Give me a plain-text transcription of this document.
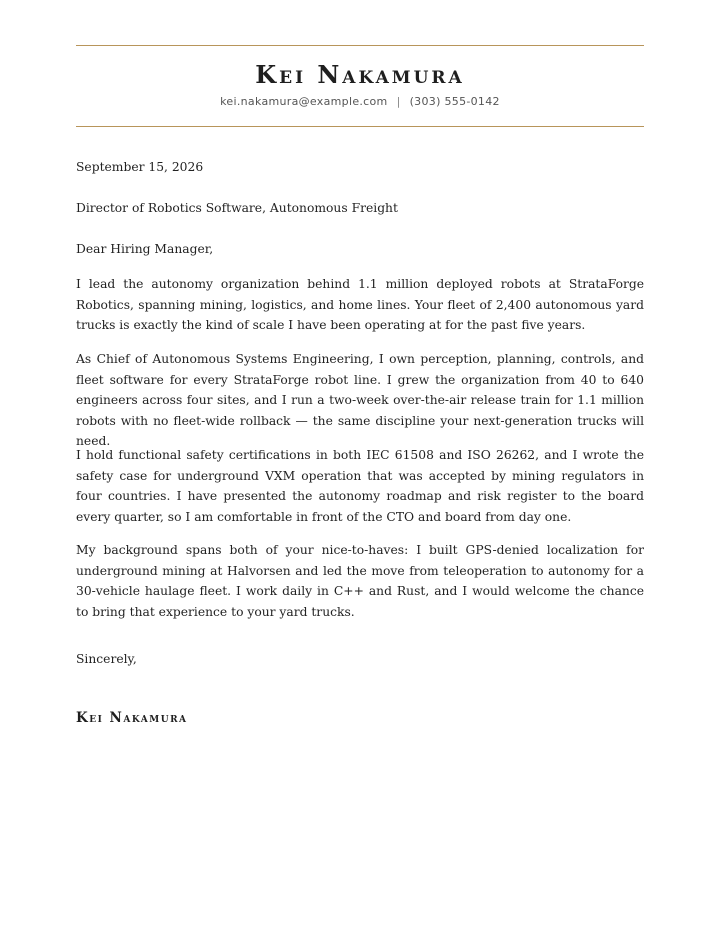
Kei Nakamura
kei.nakamura@example.com | (303) 555-0142
September 15, 2026
Director of Robotics Software, Autonomous Freight
Dear Hiring Manager,

I lead the autonomy organization behind 1.1 million deployed robots at StrataForge Robotics, spanning mining, logistics, and home lines. Your fleet of 2,400 autonomous yard trucks is exactly the kind of scale I have been operating at for the past five years.

As Chief of Autonomous Systems Engineering, I own perception, planning, controls, and fleet software for every StrataForge robot line. I grew the organization from 40 to 640 engineers across four sites, and I run a two-week over-the-air release train for 1.1 million robots with no fleet-wide rollback — the same discipline your next-generation trucks will need.

I hold functional safety certifications in both IEC 61508 and ISO 26262, and I wrote the safety case for underground VXM operation that was accepted by mining regulators in four countries. I have presented the autonomy roadmap and risk register to the board every quarter, so I am comfortable in front of the CTO and board from day one.

My background spans both of your nice-to-haves: I built GPS-denied localization for underground mining at Halvorsen and led the move from teleoperation to autonomy for a 30-vehicle haulage fleet. I work daily in C++ and Rust, and I would welcome the chance to bring that experience to your yard trucks.

Sincerely,
Kei Nakamura
